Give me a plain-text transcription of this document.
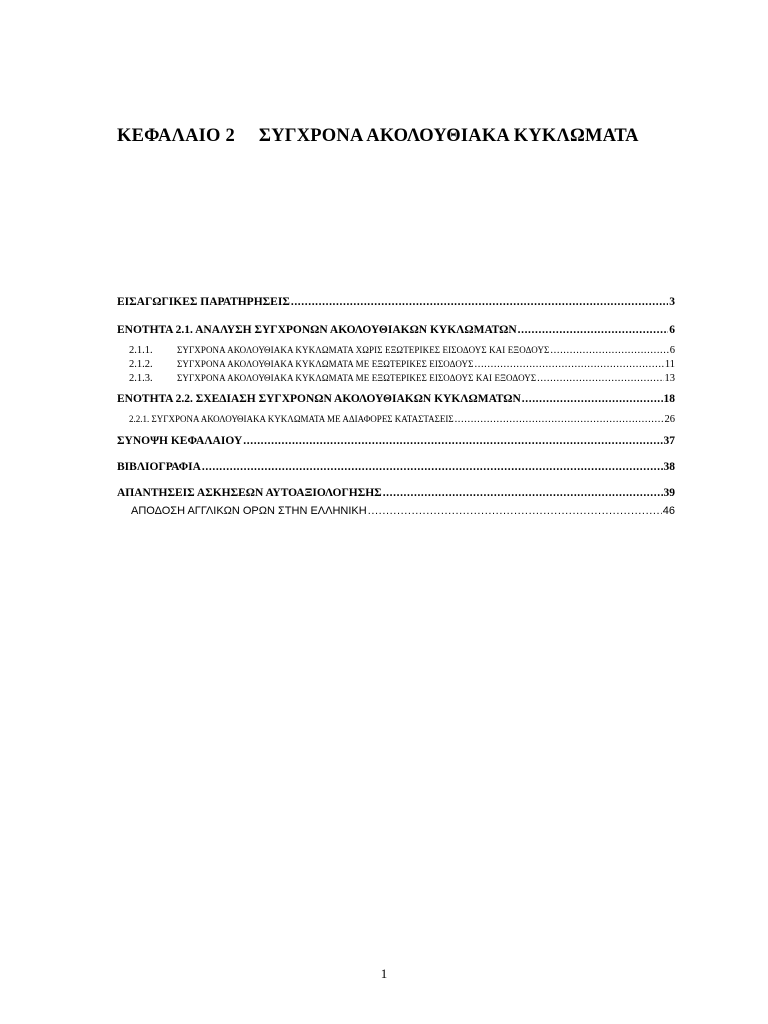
ΚΕΦΑΛΑΙΟ 2 ΣΥΓΧΡΟΝΑ ΑΚΟΛΟΥΘΙΑΚΑ ΚΥΚΛΩΜΑΤΑ
ΕΙΣΑΓΩΓΙΚΕΣ ΠΑΡΑΤΗΡΗΣΕΙΣ .....	3
ΕΝΟΤΗΤΑ 2.1. ΑΝΑΛΥΣΗ ΣΥΓΧΡΟΝΩΝ ΑΚΟΛΟΥΘΙΑΚΩΝ ΚΥΚΛΩΜΑΤΩΝ .....	6
2.1.1.	ΣΥΓΧΡΟΝΑ ΑΚΟΛΟΥΘΙΑΚΑ ΚΥΚΛΩΜΑΤΑ ΧΩΡΙΣ ΕΞΩΤΕΡΙΚΕΣ ΕΙΣΟΔΟΥΣ ΚΑΙ ΕΞΟΔΟΥΣ .....	6
2.1.2.	ΣΥΓΧΡΟΝΑ ΑΚΟΛΟΥΘΙΑΚΑ ΚΥΚΛΩΜΑΤΑ ΜΕ ΕΞΩΤΕΡΙΚΕΣ ΕΙΣΟΔΟΥΣ .....	11
2.1.3.	ΣΥΓΧΡΟΝΑ ΑΚΟΛΟΥΘΙΑΚΑ ΚΥΚΛΩΜΑΤΑ ΜΕ ΕΞΩΤΕΡΙΚΕΣ ΕΙΣΟΔΟΥΣ ΚΑΙ ΕΞΟΔΟΥΣ .....	13
ΕΝΟΤΗΤΑ 2.2. ΣΧΕΔΙΑΣΗ ΣΥΓΧΡΟΝΩΝ ΑΚΟΛΟΥΘΙΑΚΩΝ ΚΥΚΛΩΜΑΤΩΝ .....	18
2.2.1. ΣΥΓΧΡΟΝΑ ΑΚΟΛΟΥΘΙΑΚΑ ΚΥΚΛΩΜΑΤΑ ΜΕ ΑΔΙΑΦΟΡΕΣ ΚΑΤΑΣΤΑΣΕΙΣ .....	26
ΣΥΝΟΨΗ ΚΕΦΑΛΑΙΟΥ .....	37
ΒΙΒΛΙΟΓΡΑΦΙΑ .....	38
ΑΠΑΝΤΗΣΕΙΣ ΑΣΚΗΣΕΩΝ ΑΥΤΟΑΞΙΟΛΟΓΗΣΗΣ .....	39
ΑΠΟΔΟΣΗ ΑΓΓΛΙΚΩΝ ΟΡΩΝ ΣΤΗΝ ΕΛΛΗΝΙΚΗ .....	46
1
